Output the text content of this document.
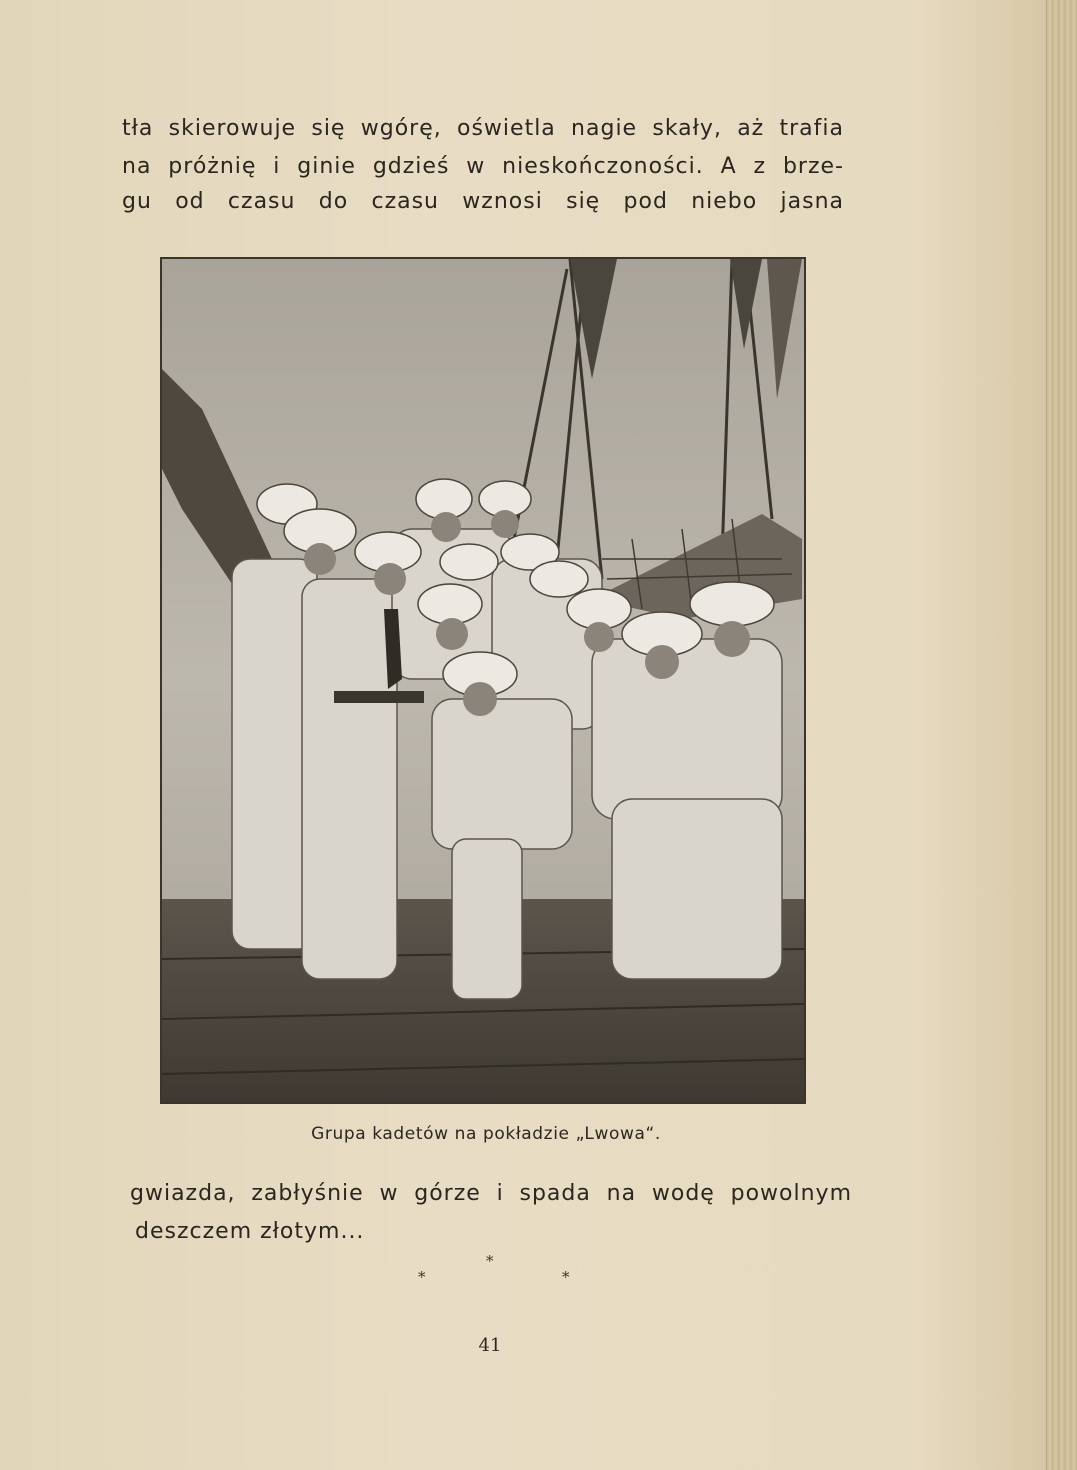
tła skierowuje się wgórę, oświetla nagie skały, aż trafia
na próżnię i ginie gdzieś w nieskończoności. A z brze-
gu od czasu do czasu wznosi się pod niebo jasna
Grupa kadetów na pokładzie „Lwowa“.
gwiazda, zabłyśnie w górze i spada na wodę powolnym
deszczem złotym...
*
*	*
41
